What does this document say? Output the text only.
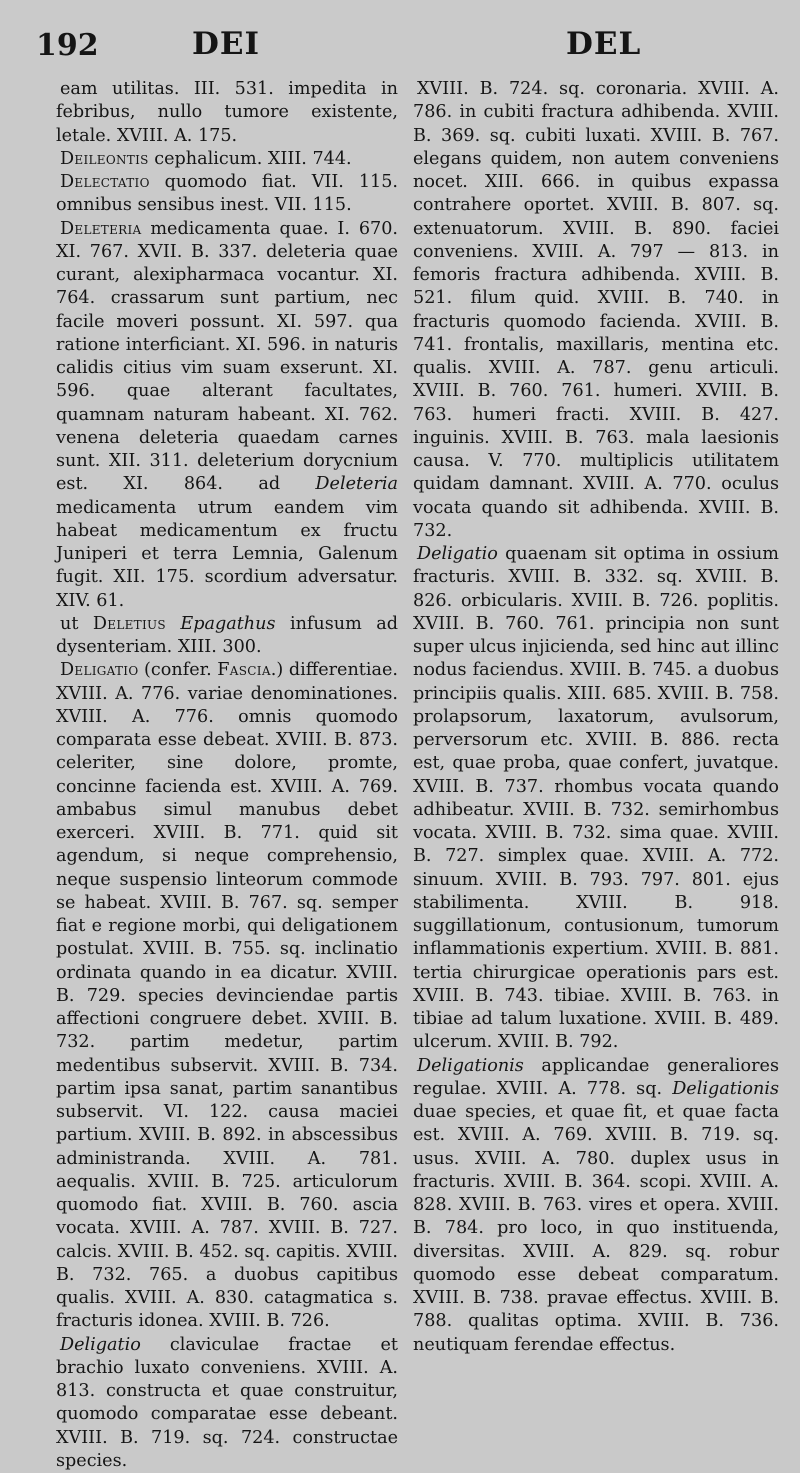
192	DEI	DEL

eam utilitas. III. 531. impedita in febribus, nullo tumore existente, letale. XVIII. A. 175.

Deileontis cephalicum. XIII. 744.

Delectatio quomodo fiat. VII. 115. omnibus sensibus inest. VII. 115.

Deleteria medicamenta quae. I. 670. XI. 767. XVII. B. 337. deleteria quae curant, alexipharmaca vocantur. XI. 764. crassarum sunt partium, nec facile moveri possunt. XI. 597. qua ratione interficiant. XI. 596. in naturis calidis citius vim suam exserunt. XI. 596. quae alterant facultates, quamnam naturam habeant. XI. 762. venena deleteria quaedam carnes sunt. XII. 311. deleterium dorycnium est. XI. 864. ad Deleteria medicamenta utrum eandem vim habeat medicamentum ex fructu Juniperi et terra Lemnia, Galenum fugit. XII. 175. scordium adversatur. XIV. 61.

ut Deletius Epagathus infusum ad dysenteriam. XIII. 300.

Deligatio (confer. Fascia.) differentiae. XVIII. A. 776. variae denominationes. XVIII. A. 776. omnis quomodo comparata esse debeat. XVIII. B. 873. celeriter, sine dolore, promte, concinne facienda est. XVIII. A. 769. ambabus simul manubus debet exerceri. XVIII. B. 771. quid sit agendum, si neque comprehensio, neque suspensio linteorum commode se habeat. XVIII. B. 767. sq. semper fiat e regione morbi, qui deligationem postulat. XVIII. B. 755. sq. inclinatio ordinata quando in ea dicatur. XVIII. B. 729. species devinciendae partis affectioni congruere debet. XVIII. B. 732. partim medetur, partim medentibus subservit. XVIII. B. 734. partim ipsa sanat, partim sanantibus subservit. VI. 122. causa maciei partium. XVIII. B. 892. in abscessibus administranda. XVIII. A. 781. aequalis. XVIII. B. 725. articulorum quomodo fiat. XVIII. B. 760. ascia vocata. XVIII. A. 787. XVIII. B. 727. calcis. XVIII. B. 452. sq. capitis. XVIII. B. 732. 765. a duobus capitibus qualis. XVIII. A. 830. catagmatica s. fracturis idonea. XVIII. B. 726.

Deligatio claviculae fractae et brachio luxato conveniens. XVIII. A. 813. constructa et quae construitur, quomodo comparatae esse debeant. XVIII. B. 719. sq. 724. constructae species.

XVIII. B. 724. sq. coronaria. XVIII. A. 786. in cubiti fractura adhibenda. XVIII. B. 369. sq. cubiti luxati. XVIII. B. 767. elegans quidem, non autem conveniens nocet. XIII. 666. in quibus expassa contrahere oportet. XVIII. B. 807. sq. extenuatorum. XVIII. B. 890. faciei conveniens. XVIII. A. 797 — 813. in femoris fractura adhibenda. XVIII. B. 521. filum quid. XVIII. B. 740. in fracturis quomodo facienda. XVIII. B. 741. frontalis, maxillaris, mentina etc. qualis. XVIII. A. 787. genu articuli. XVIII. B. 760. 761. humeri. XVIII. B. 763. humeri fracti. XVIII. B. 427. inguinis. XVIII. B. 763. mala laesionis causa. V. 770. multiplicis utilitatem quidam damnant. XVIII. A. 770. oculus vocata quando sit adhibenda. XVIII. B. 732.

Deligatio quaenam sit optima in ossium fracturis. XVIII. B. 332. sq. XVIII. B. 826. orbicularis. XVIII. B. 726. poplitis. XVIII. B. 760. 761. principia non sunt super ulcus injicienda, sed hinc aut illinc nodus faciendus. XVIII. B. 745. a duobus principiis qualis. XIII. 685. XVIII. B. 758. prolapsorum, laxatorum, avulsorum, perversorum etc. XVIII. B. 886. recta est, quae proba, quae confert, juvatque. XVIII. B. 737. rhombus vocata quando adhibeatur. XVIII. B. 732. semirhombus vocata. XVIII. B. 732. sima quae. XVIII. B. 727. simplex quae. XVIII. A. 772. sinuum. XVIII. B. 793. 797. 801. ejus stabilimenta. XVIII. B. 918. suggillationum, contusionum, tumorum inflammationis expertium. XVIII. B. 881. tertia chirurgicae operationis pars est. XVIII. B. 743. tibiae. XVIII. B. 763. in tibiae ad talum luxatione. XVIII. B. 489. ulcerum. XVIII. B. 792.

Deligationis applicandae generaliores regulae. XVIII. A. 778. sq. Deligationis duae species, et quae fit, et quae facta est. XVIII. A. 769. XVIII. B. 719. sq. usus. XVIII. A. 780. duplex usus in fracturis. XVIII. B. 364. scopi. XVIII. A. 828. XVIII. B. 763. vires et opera. XVIII. B. 784. pro loco, in quo instituenda, diversitas. XVIII. A. 829. sq. robur quomodo esse debeat comparatum. XVIII. B. 738. pravae effectus. XVIII. B. 788. qualitas optima. XVIII. B. 736. neutiquam ferendae effectus.
